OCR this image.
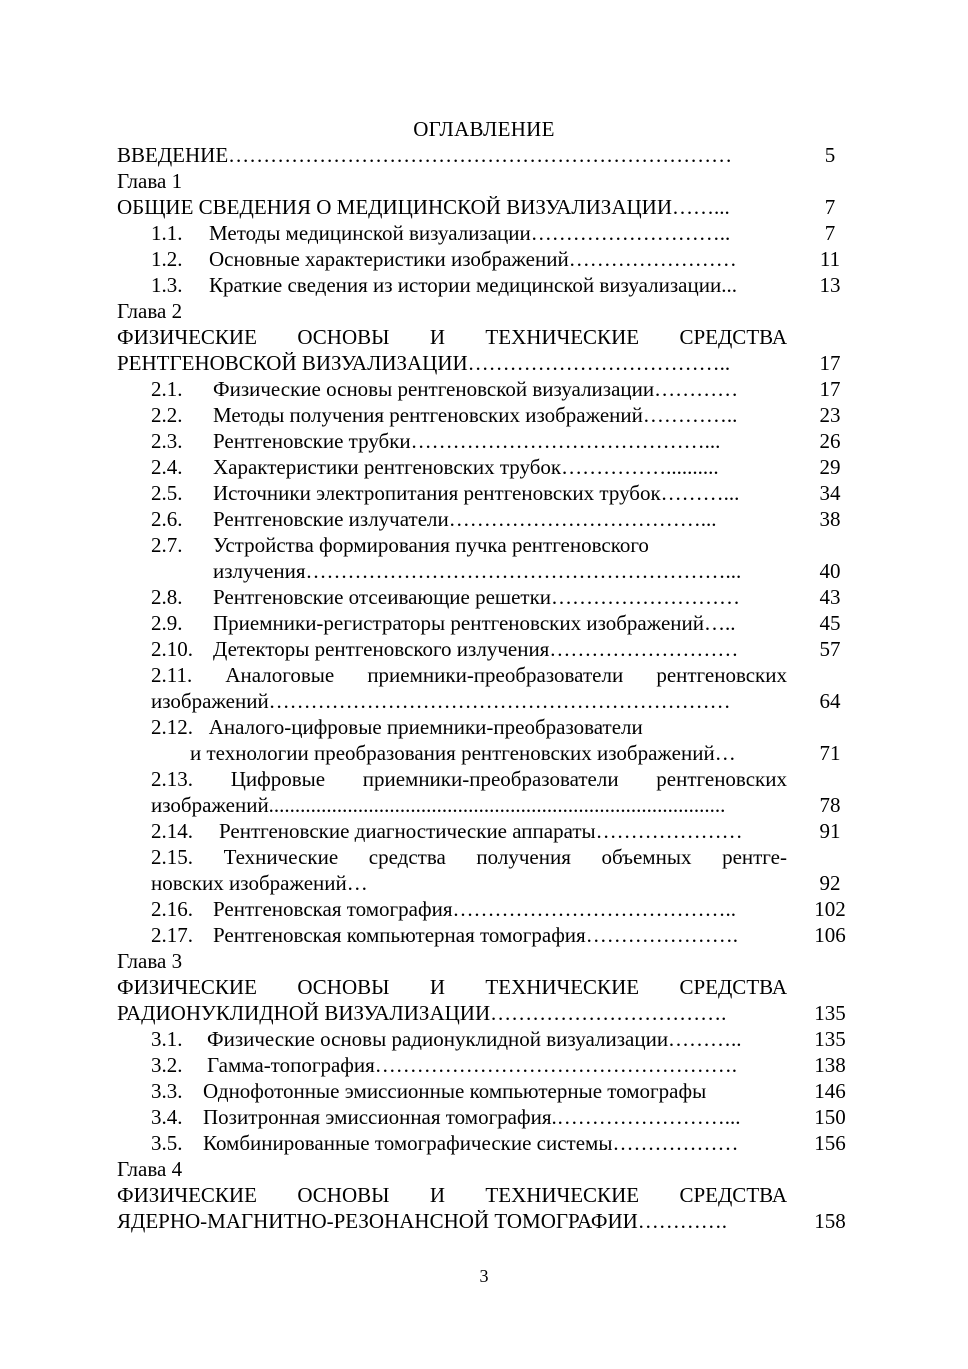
ОГЛАВЛЕНИЕ
ВВЕДЕНИЕ………………………………………………………………	5
Глава 1
ОБЩИЕ СВЕДЕНИЯ О МЕДИЦИНСКОЙ ВИЗУАЛИЗАЦИИ……...	7
1.1. Методы медицинской визуализации………………………..	7
1.2. Основные характеристики изображений……………………	11
1.3. Краткие сведения из истории медицинской визуализации...	13
Глава 2
ФИЗИЧЕСКИЕ ОСНОВЫ И ТЕХНИЧЕСКИЕ СРЕДСТВА
РЕНТГЕНОВСКОЙ ВИЗУАЛИЗАЦИИ………………………………..	17
2.1. Физические основы рентгеновской визуализации…………	17
2.2. Методы получения рентгеновских изображений…………..	23
2.3. Рентгеновские трубки……………………………………...	26
2.4. Характеристики рентгеновских трубок……………..........	29
2.5. Источники электропитания рентгеновских трубок………...	34
2.6. Рентгеновские излучатели………………………………...	38
2.7. Устройства формирования пучка рентгеновского
излучения……………………………………………………...	40
2.8. Рентгеновские отсеивающие решетки………………………	43
2.9. Приемники-регистраторы рентгеновских изображений…..	45
2.10. Детекторы рентгеновского излучения………………………	57
2.11. Аналоговые приемники-преобразователи рентгеновских
изображений…………………………………………………………	64
2.12.   Аналого-цифровые приемники-преобразователи
и технологии преобразования рентгеновских изображений…	71
2.13. Цифровые приемники-преобразователи рентгеновских
изображений.......................................................................................	78
2.14. Рентгеновские диагностические аппараты…………………	91
2.15. Технические средства получения объемных рентге-
новских изображений…	92
2.16. Рентгеновская томография…………………………………..	102
2.17. Рентгеновская компьютерная томография………………….	106
Глава 3
ФИЗИЧЕСКИЕ ОСНОВЫ И ТЕХНИЧЕСКИЕ СРЕДСТВА
РАДИОНУКЛИДНОЙ ВИЗУАЛИЗАЦИИ…………………………….	135
3.1. Физические основы радионуклидной визуализации………..	135
3.2. Гамма-топография…………………………………………….	138
3.3. Однофотонные эмиссионные компьютерные томографы	146
3.4. Позитронная эмиссионная томография.……………………...	150
3.5. Комбинированные томографические системы………………	156
Глава 4
ФИЗИЧЕСКИЕ ОСНОВЫ И ТЕХНИЧЕСКИЕ СРЕДСТВА
ЯДЕРНО-МАГНИТНО-РЕЗОНАНСНОЙ ТОМОГРАФИИ………….	158
3
